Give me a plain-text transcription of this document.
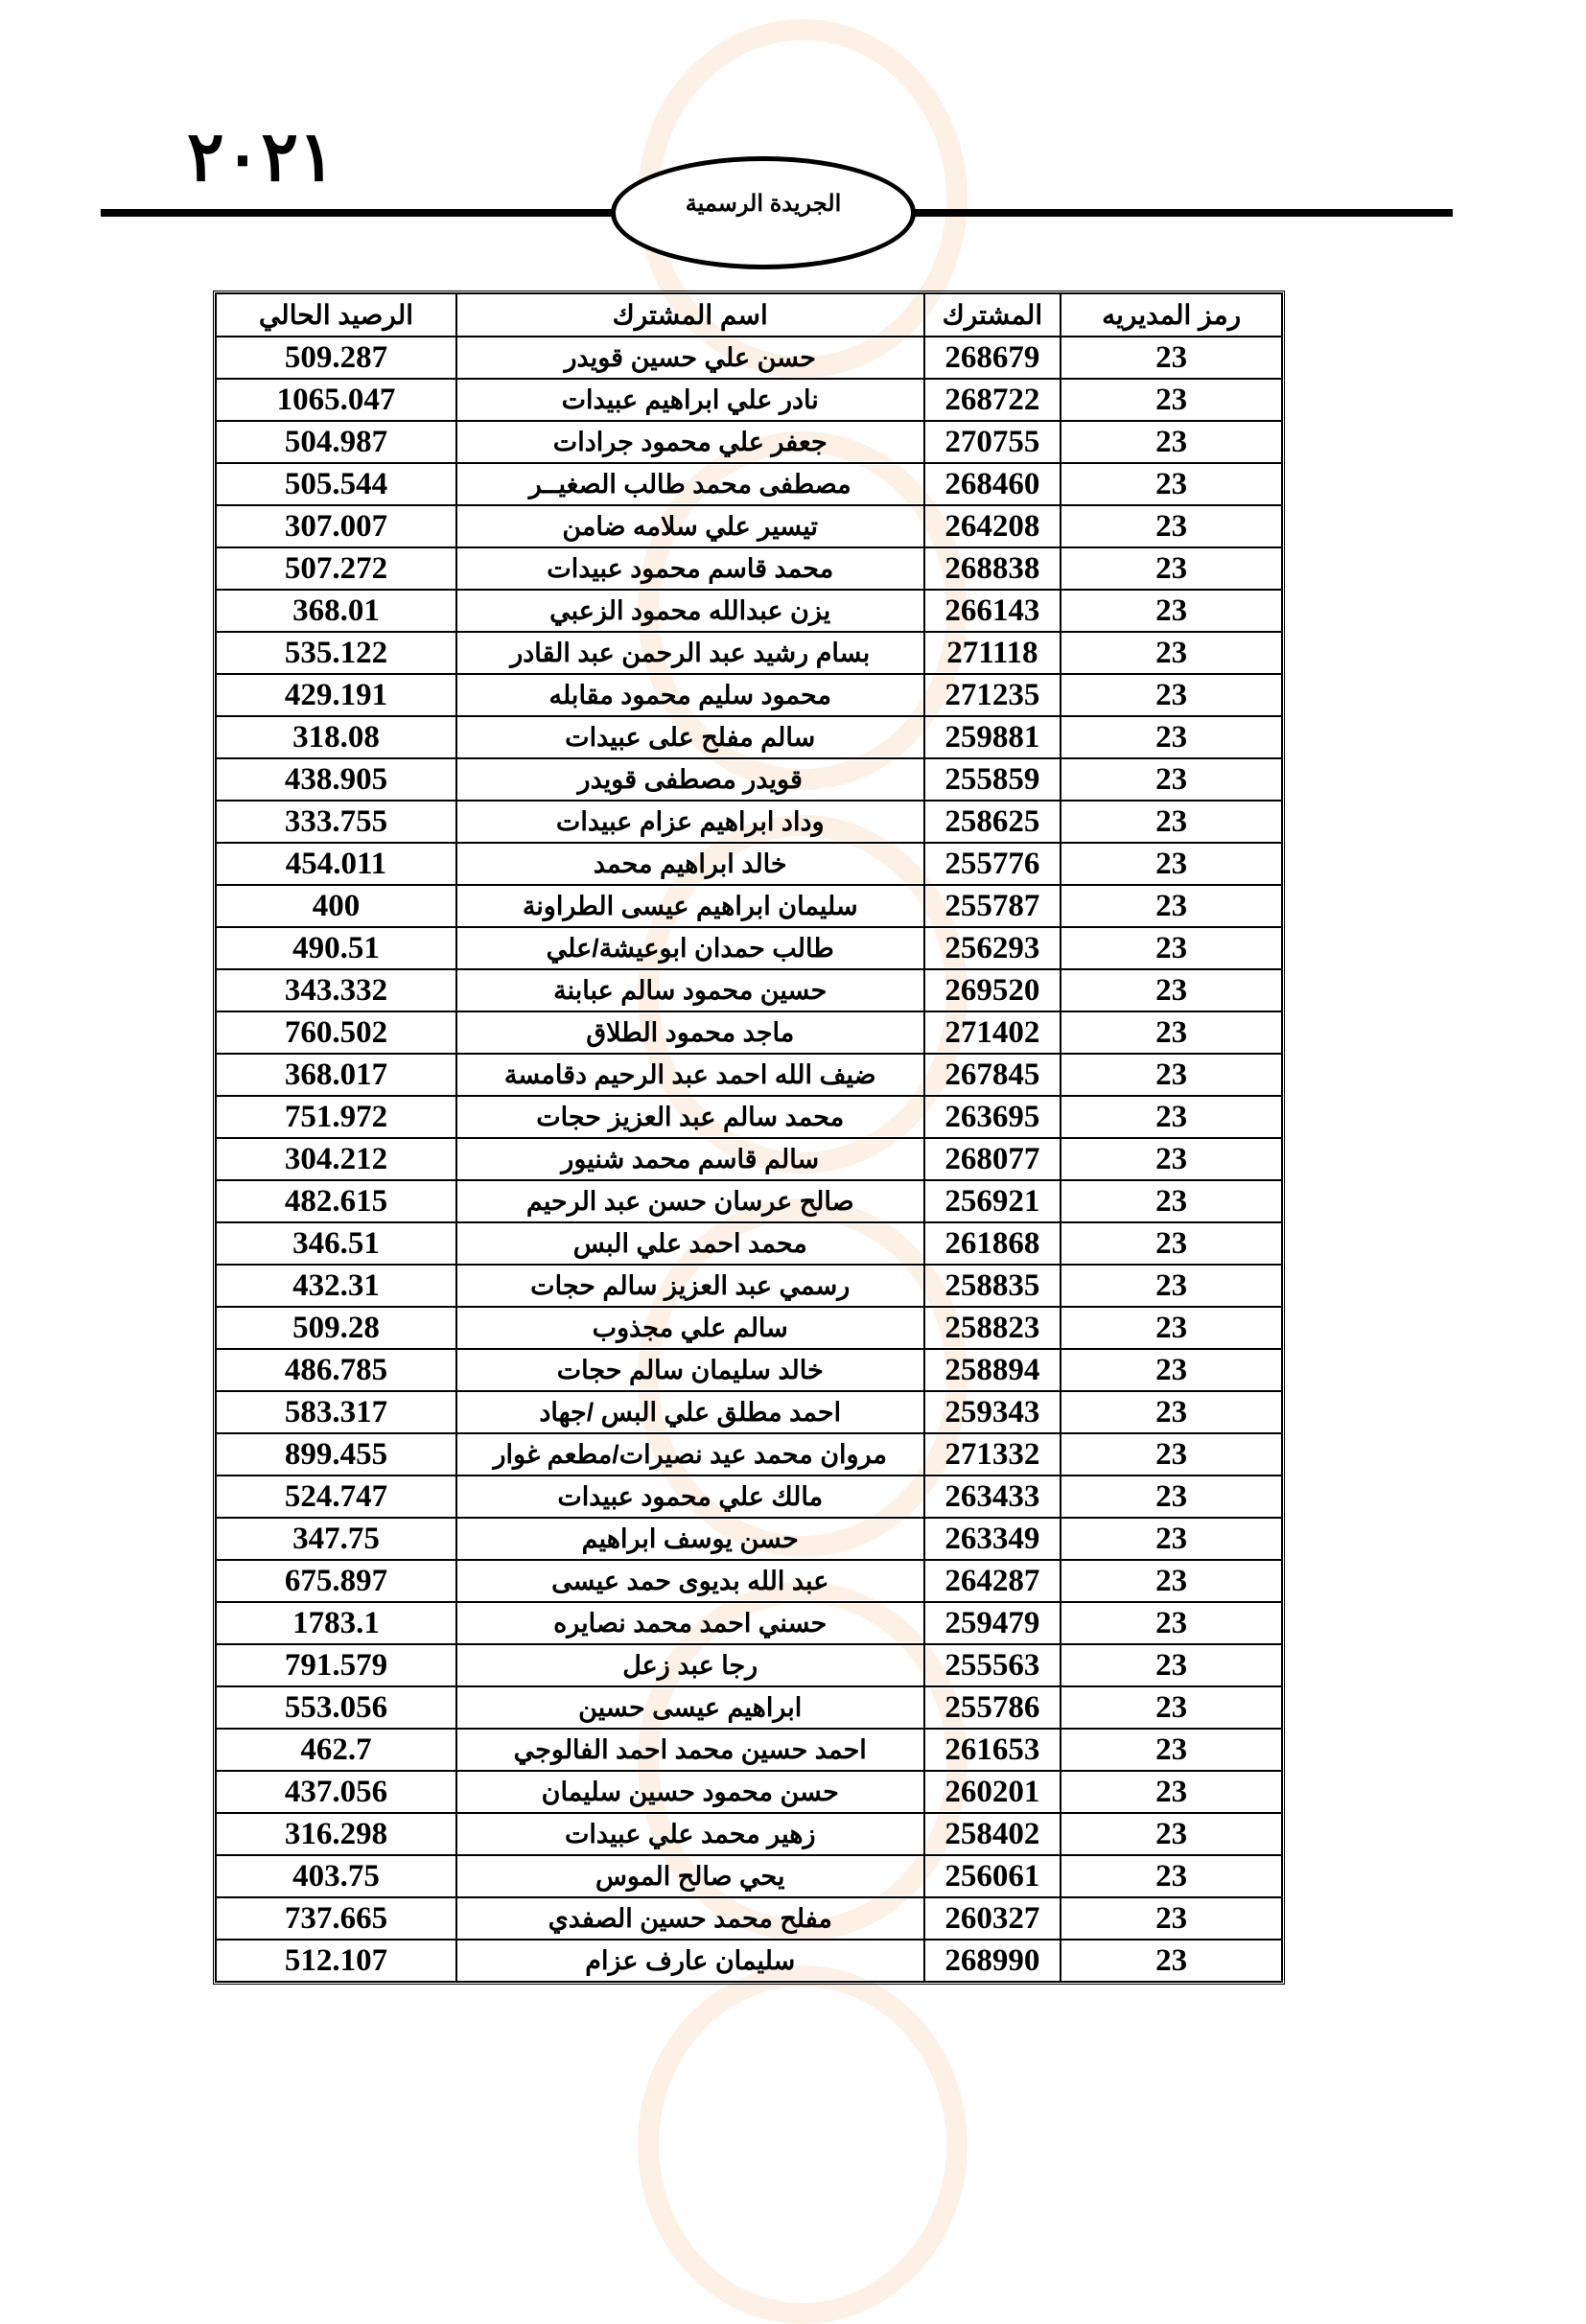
٢٠٢١
الجريدة الرسمية
رمز المديريه	المشترك	اسم المشترك	الرصيد الحالي
23	268679	حسن علي حسين قويدر	509.287
23	268722	نادر علي ابراهيم عبيدات	1065.047
23	270755	جعفر علي محمود جرادات	504.987
23	268460	مصطفى محمد طالب الصغيــر	505.544
23	264208	تيسير علي سلامه ضامن	307.007
23	268838	محمد قاسم محمود عبيدات	507.272
23	266143	يزن عبدالله محمود الزعبي	368.01
23	271118	بسام رشيد عبد الرحمن عبد القادر	535.122
23	271235	محمود سليم محمود مقابله	429.191
23	259881	سالم مفلح على عبيدات	318.08
23	255859	قويدر مصطفى قويدر	438.905
23	258625	وداد ابراهيم عزام عبيدات	333.755
23	255776	خالد ابراهيم محمد	454.011
23	255787	سليمان ابراهيم عيسى الطراونة	400
23	256293	طالب حمدان ابوعيشة/علي	490.51
23	269520	حسين محمود سالم عبابنة	343.332
23	271402	ماجد محمود الطلاق	760.502
23	267845	ضيف الله احمد عبد الرحيم دقامسة	368.017
23	263695	محمد سالم عبد العزيز حجات	751.972
23	268077	سالم قاسم محمد شنيور	304.212
23	256921	صالح عرسان حسن عبد الرحيم	482.615
23	261868	محمد احمد علي البس	346.51
23	258835	رسمي عبد العزيز سالم حجات	432.31
23	258823	سالم علي مجذوب	509.28
23	258894	خالد سليمان سالم حجات	486.785
23	259343	احمد مطلق علي البس /جهاد	583.317
23	271332	مروان محمد عيد نصيرات/مطعم غوار	899.455
23	263433	مالك علي محمود عبيدات	524.747
23	263349	حسن يوسف ابراهيم	347.75
23	264287	عبد الله بديوى حمد عيسى	675.897
23	259479	حسني احمد محمد نصايره	1783.1
23	255563	رجا عبد زعل	791.579
23	255786	ابراهيم عيسى حسين	553.056
23	261653	احمد حسين محمد احمد الفالوجي	462.7
23	260201	حسن محمود حسين سليمان	437.056
23	258402	زهير محمد علي عبيدات	316.298
23	256061	يحي صالح الموس	403.75
23	260327	مفلح محمد حسين الصفدي	737.665
23	268990	سليمان عارف عزام	512.107
